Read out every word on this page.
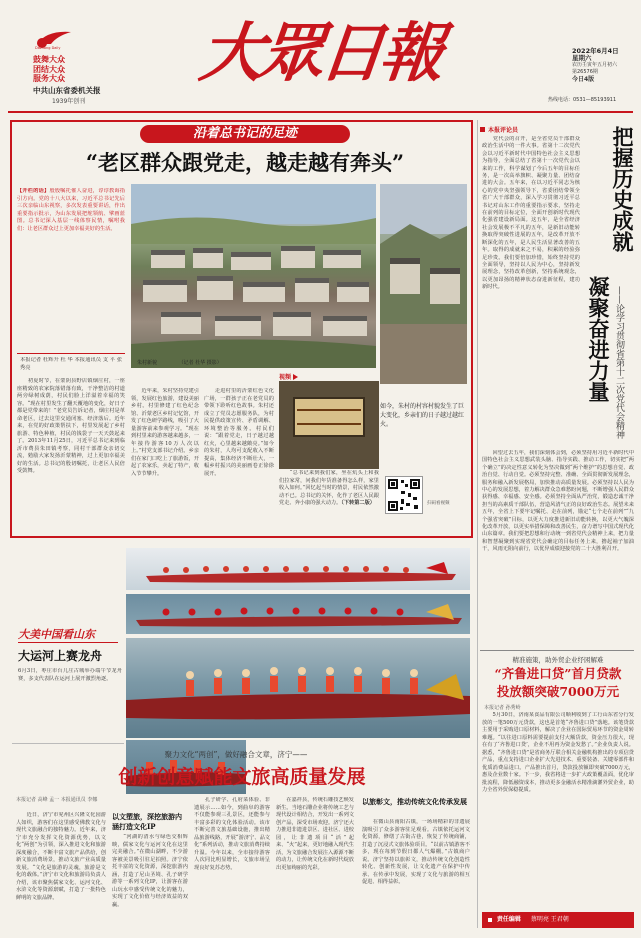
Dazhong Daily
鼓舞大众
团结大众
服务大众
中共山东省委机关报
1939年创刊
大眾日報	2022年6月4日
星期六
农历壬寅年五月初六
第26576期
今日4版
热线电话：0531—85193911
沿着总书记的足迹
“老区群众跟党走，越走越有奔头”
【开栏的话】殷殷嘱托催人奋进，谆谆教诲指引方向。党的十八大以来，习近平总书记先后三次亲临山东视察，多次发表重要讲话，作出重要指示批示，为山东发展把舵领航、擘画蓝图。总书记深入基层一线体察民情，嘱咐我们：让老区群众过上更加幸福美好的生活。
本报记者 杜辉升 杜 华 本报通讯员 支 平 张秀亮
朱村新貌	（记者 杜华 摄影）
如今，朱村的村容村貌发生了巨大变化，乡亲们的日子越过越红火。
视频
扫码看视频
　　初夏时节，在蒙阴县野店镇烟庄村，一座座精致的农家院落错落有致，干净整洁的村道两旁绿树成荫，村民们脸上洋溢着幸福的笑容。“现在村里发生了翻天覆地的变化，好日子都是党带来的！”老党员告诉记者，烟庄村是革命老区，过去这里交通闭塞、经济落后。近年来，在党的好政策帮扶下，村里发展起了乡村旅游、特色种植，村民的钱袋子一天天鼓起来了。2013年11月25日，习近平总书记来到临沂市费县朱田镇考察，同村干部群众亲切交流，勉励大家发扬沂蒙精神，过上更加幸福美好的生活。总书记的殷切嘱托，让老区人民倍受鼓舞。
　　近年来，朱村坚持党建引领，发展红色旅游，建设美丽乡村。村里修建了红色纪念馆、沂蒙老区乡村记忆馆，开发了红色研学路线，吸引了大量游客前来参观学习。“现在到村里来的游客越来越多，一年接待游客10万人次以上。”村党支部书记介绍。乡亲们在家门口吃上了旅游饭，开起了农家乐，卖起了特产，收入节节攀升。
　　走进村里的沂蒙红色文化广场，一群孩子正在老党员的带领下聆听红色故事。朱村还成立了党员志愿服务队，为村民提供政策宣传、矛盾调解、环境整治等服务。村民们说：“跟着党走，日子越过越红火，心里越来越敞亮。”如今的朱村，人均可支配收入不断提高，集体经济不断壮大，一幅乡村振兴的美丽画卷正徐徐展开。	　　“总书记来到我们家，坐在炕头上和我们拉家常，问我们年货准备得怎么样，家里收入如何。”回忆起当时的情景，村民依然激动不已。总书记的关怀，化作了老区人民跟党走、奔小康的强大动力。（下转第二版）
本报评论员
　　党代会的召开，是全省党员干部群众政治生活中的一件大事。省第十二次党代会以习近平新时代中国特色社会主义思想为指导，全面总结了省第十一次党代会以来的工作，科学谋划了今后五年的目标任务，是一次高举旗帜、凝聚力量、团结奋进的大会。五年来，在以习近平同志为核心的党中央坚强领导下，省委团结带领全省广大干部群众，深入学习贯彻习近平总书记对山东工作的重要指示要求，坚持走在前列的目标定位，全面开创新时代现代化强省建设新局面。这五年，是全省经济社会发展极不平凡的五年，是新旧动能转换取得突破性进展的五年，是改革开放不断深化的五年，是人民生活显著改善的五年。取得的成就来之不易，积累的经验弥足珍贵。我们要倍加珍惜，始终坚持党的全面领导，坚持以人民为中心，坚持新发展理念，坚持改革创新，坚持系统观念，以更加昂扬的精神状态奋进新征程，建功新时代。
把握历史成就
凝聚奋进力量 ——论学习贯彻省第十二次党代会精神
　　回望过去五年，我们深刻体会到，必须坚持用习近平新时代中国特色社会主义思想武装头脑、指导实践、推动工作，切实把“两个确立”的决定性意义转化为坚决做到“两个维护”的思想自觉、政治自觉、行动自觉。必须坚持完整、准确、全面贯彻新发展理念，服务和融入新发展格局，加快推动高质量发展。必须坚持以人民为中心的发展思想，着力解决群众急难愁盼问题，不断增强人民群众获得感、幸福感、安全感。必须坚持全面从严治党，锻造忠诚干净担当的高素质干部队伍，营造风清气正的良好政治生态。展望未来五年，全省上下要牢记嘱托、走在前列，锚定“七个走在前列”“九个强省突破”目标，以更大力度推进新旧动能转换，以更大气魄深化改革开放，以更实举措保障和改善民生，奋力谱写中国式现代化山东篇章。我们要把思想和行动统一到省党代会精神上来，把力量和智慧凝聚到实现省党代会确定的目标任务上来，撸起袖子加油干，风雨无阻向前行，以优异成绩迎接党的二十大胜利召开。
精准施策，助外贸企业纾困解难
“齐鲁进口贷”首月贷款
投放额突破7000万元
本报记者 孙秀岭
　　5月30日，济南某食品有限公司顺利收到了工行山东省分行发放的一笔500万元贷款，这也是首笔“齐鲁进口贷”落地。该笔贷款主要用于采购进口原材料，解决了企业在国际贸易环节的资金周转难题。“以往进口原料需要提前支付大额货款，资金压力很大，现在有了‘齐鲁进口贷’，企业不用再为资金发愁了。”企业负责人说。据悉，“齐鲁进口贷”是省商务厅联合相关金融机构推出的专项信贷产品，重点支持进口企业扩大先进技术、重要装备、关键零部件和优质消费品进口。产品推出首月，贷款投放额即突破7000万元，惠及企业数十家。下一步，我省将进一步扩大政策覆盖面，优化审批流程，降低融资成本，推动更多金融活水精准滴灌外贸企业，助力全省外贸保稳提质。
责任编辑 蔡明亮 王君朝
大美中国看山东
大运河上赛龙舟
6月3日，枣庄市台儿庄古城举办端午节龙舟赛，多支代表队在运河上展开激烈角逐。
聚力文化“两创”，做好融合文章，济宁——
创新创意赋能文旅高质量发展
本报记者 高峰 孟一 本报通讯员 李娜
　　近日，济宁市兖州区兴隆文化园游人如织，游客们在这里感受佛教文化与现代文旅融合的独特魅力。近年来，济宁市充分发挥文化资源优势，以文化“两创”为引领，深入推进文化和旅游深度融合，不断丰富文旅产品供给，创新文旅消费场景，推动文旅产业高质量发展。“文化是旅游的灵魂，旅游是文化的载体。”济宁市文化和旅游局负责人介绍，该市聚焦儒家文化、运河文化、水浒文化等资源禀赋，打造了一批特色鲜明的文旅品牌。
以文塑旅，深挖旅游内涵打造文化IP
　　“河湖的清水与绿色交相辉映，儒家文化与运河文化在这里完美融合。”在微山湖畔，不少游客被美景吸引驻足拍照。济宁依托丰富的文化资源，深挖旅游内涵，打造了尼山圣境、孔子研学游等一系列文化IP，让游客在游山玩水中感受传统文化的魅力，实现了文化价值与经济效益的双赢。
　　孔子研学、孔府菜体验、非遗展示……如今，到曲阜的游客不仅能参观三孔景区，还能参与丰富多彩的文化体验活动。该市不断完善文旅基础设施，推出精品旅游线路，开展“游济宁、品文化”系列活动，推动文旅消费持续升温。今年以来，全市接待游客人次同比明显增长，文旅市场呈现良好复苏态势。
　　在嘉祥县，传统石雕技艺焕发新生。当地石雕企业将传统工艺与现代设计相结合，开发出一系列文创产品，深受市场欢迎。济宁还大力推进非遗进景区、进社区、进校园，让非遗项目“活”起来、“火”起来，更好地融入现代生活，为文旅融合发展注入源源不断的动力，让传统文化在新时代绽放出更加绚丽的光彩。
以旅彰文，推动传统文化传承发展
　　在微山县南阳古镇，一场场精彩的非遗展演吸引了众多游客驻足观看。古镇依托运河文化资源，修缮了古街古巷，恢复了传统商铺，打造了沉浸式文旅体验项目。“以前古镇游客不多，现在每到节假日都人气爆棚。”古镇商户说。济宁坚持以旅彰文，推动传统文化创造性转化、创新性发展，让文化遗产在保护中传承、在传承中发展，实现了文化与旅游的相互促进、相得益彰。
